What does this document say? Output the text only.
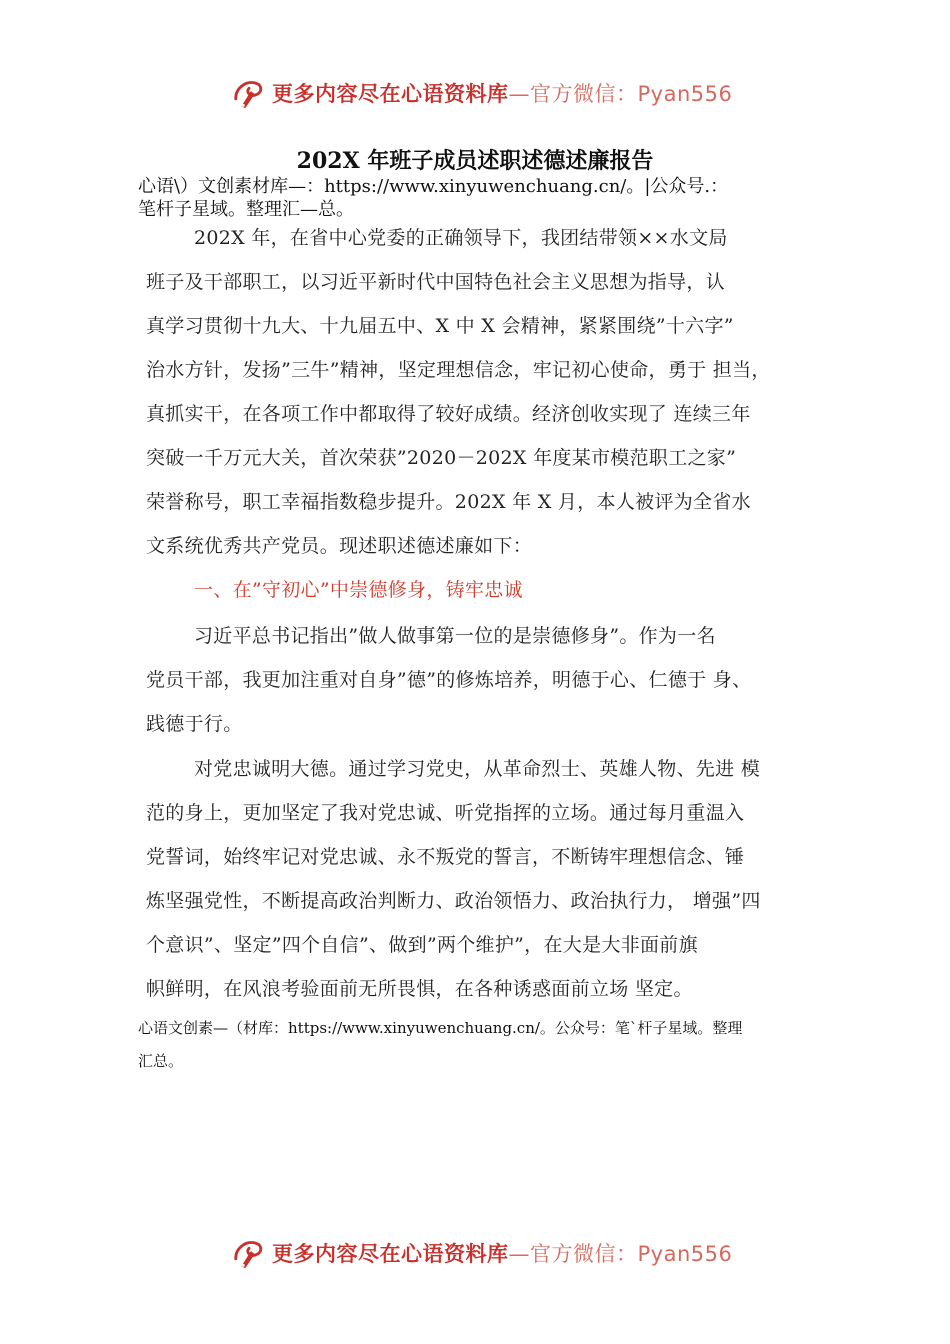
更多内容尽在心语资料库—官方微信：Pyan556
202X 年班子成员述职述德述廉报告
心语\）文创素材库—：https://www.xinyuwenchuang.cn/。|公众号.：
笔杆子星域。整理汇—总。
202X 年，在省中心党委的正确领导下，我团结带领××水文局
班子及干部职工，以习近平新时代中国特色社会主义思想为指导，认
真学习贯彻十九大、十九届五中、X 中 X 会精神，紧紧围绕”十六字”
治水方针，发扬”三牛”精神，坚定理想信念，牢记初心使命，勇于 担当，
真抓实干，在各项工作中都取得了较好成绩。经济创收实现了 连续三年
突破一千万元大关，首次荣获”2020－202X 年度某市模范职工之家”
荣誉称号，职工幸福指数稳步提升。202X 年 X 月，本人被评为全省水
文系统优秀共产党员。现述职述德述廉如下：
一、在”守初心”中崇德修身，铸牢忠诚
习近平总书记指出”做人做事第一位的是崇德修身”。作为一名
党员干部，我更加注重对自身”德”的修炼培养，明德于心、仁德于 身、
践德于行。
对党忠诚明大德。通过学习党史，从革命烈士、英雄人物、先进 模
范的身上，更加坚定了我对党忠诚、听党指挥的立场。通过每月重温入
党誓词，始终牢记对党忠诚、永不叛党的誓言，不断铸牢理想信念、锤
炼坚强党性，不断提高政治判断力、政治领悟力、政治执行力， 增强”四
个意识”、坚定”四个自信”、做到”两个维护”，在大是大非面前旗
帜鲜明，在风浪考验面前无所畏惧，在各种诱惑面前立场 坚定。
心语文创素—（材库：https://www.xinyuwenchuang.cn/。公众号：笔`杆子星域。整理
汇总。
更多内容尽在心语资料库—官方微信：Pyan556
